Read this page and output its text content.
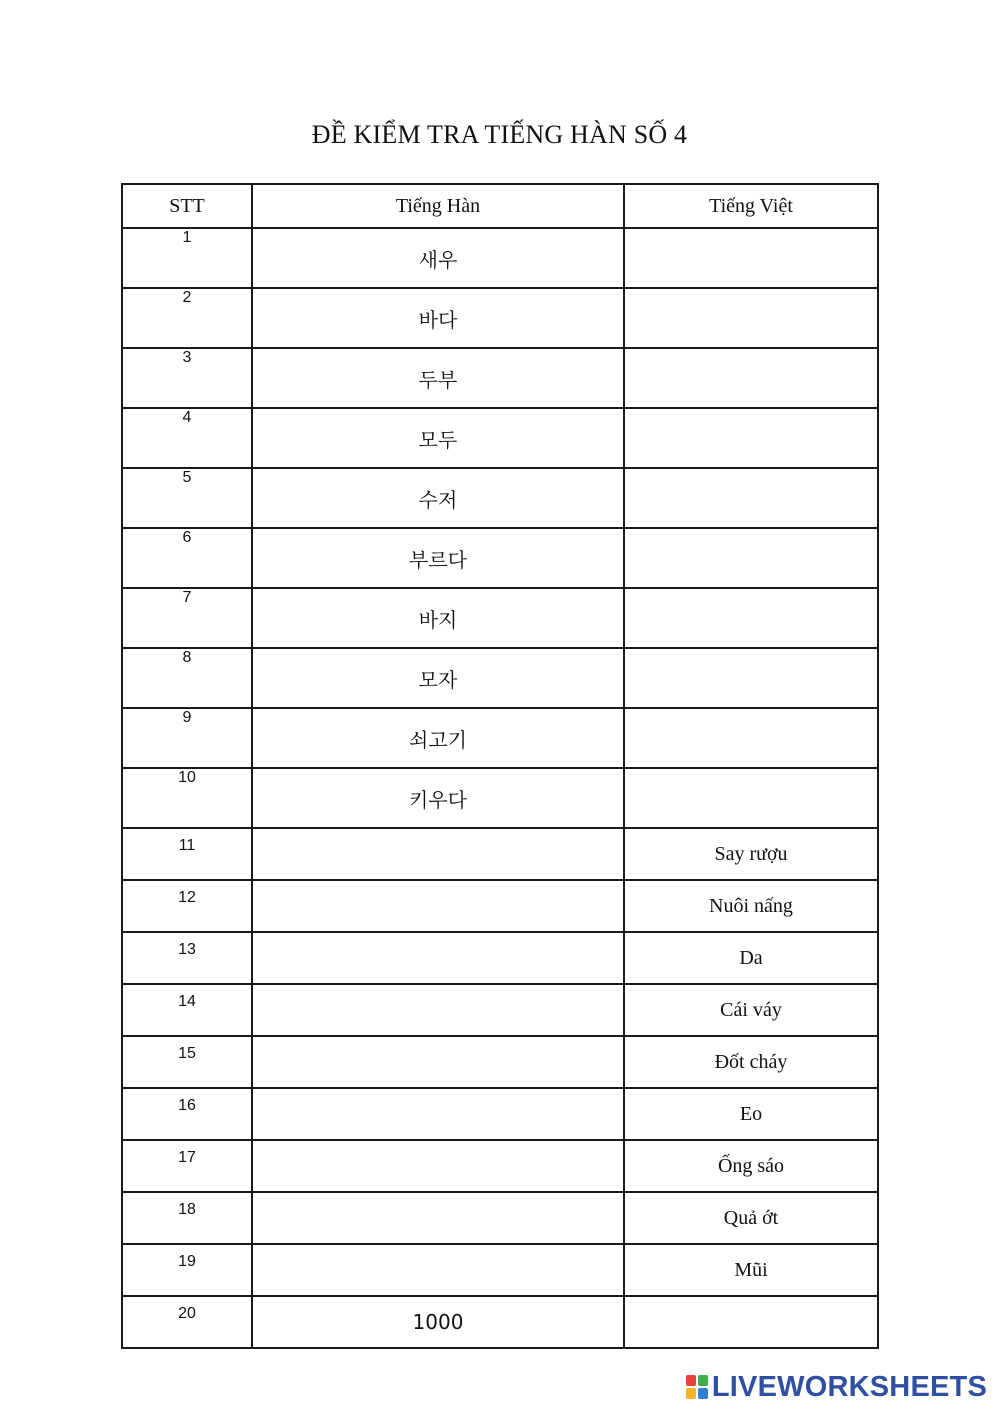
ĐỀ KIỂM TRA TIẾNG HÀN SỐ 4
STT	Tiếng Hàn	Tiếng Việt
1	새우	
2	바다	
3	두부	
4	모두	
5	수저	
6	부르다	
7	바지	
8	모자	
9	쇠고기	
10	키우다	
11		Say rượu
12		Nuôi nấng
13		Da
14		Cái váy
15		Đốt cháy
16		Eo
17		Ống sáo
18		Quả ớt
19		Mũi
20	1000	
LIVEWORKSHEETS
